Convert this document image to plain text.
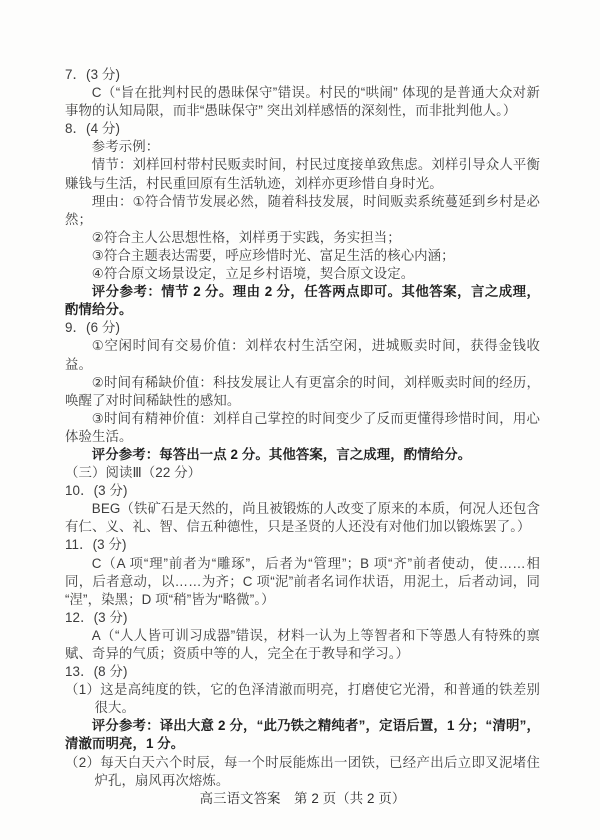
7．(3 分)

C（“旨在批判村民的愚昧保守”错误。村民的“哄闹” 体现的是普通大众对新事物的认知局限，而非“愚昧保守” 突出刘样感悟的深刻性，而非批判他人。）

8．(4 分)

参考示例：

情节：刘样回村带村民贩卖时间，村民过度接单致焦虑。刘样引导众人平衡赚钱与生活，村民重回原有生活轨迹，刘样亦更珍惜自身时光。

理由：①符合情节发展必然，随着科技发展，时间贩卖系统蔓延到乡村是必然；

②符合主人公思想性格，刘样勇于实践，务实担当；

③符合主题表达需要，呼应珍惜时光、富足生活的核心内涵；

④符合原文场景设定，立足乡村语境，契合原文设定。

评分参考：情节 2 分。理由 2 分，任答两点即可。其他答案，言之成理，酌情给分。

9．(6 分)

①空闲时间有交易价值：刘样农村生活空闲，进城贩卖时间，获得金钱收益。

②时间有稀缺价值：科技发展让人有更富余的时间，刘样贩卖时间的经历，唤醒了对时间稀缺性的感知。

③时间有精神价值：刘样自己掌控的时间变少了反而更懂得珍惜时间，用心体验生活。

评分参考：每答出一点 2 分。其他答案，言之成理，酌情给分。

（三）阅读Ⅲ（22 分）

10．(3 分)

BEG（铁矿石是天然的，尚且被锻炼的人改变了原来的本质，何况人还包含有仁、义、礼、智、信五种德性，只是圣贤的人还没有对他们加以锻炼罢了。）

11．(3 分)

C（A 项“理”前者为“雕琢”，后者为“管理”；B 项“齐”前者使动，使……相同，后者意动，以……为齐；C 项“泥”前者名词作状语，用泥土，后者动词，同“涅”，染黑；D 项“稍”皆为“略微”。）

12．(3 分)

A（“人人皆可训习成器”错误，材料一认为上等智者和下等愚人有特殊的禀赋、奇异的气质；资质中等的人，完全在于教导和学习。）

13．(8 分)

（1）这是高纯度的铁，它的色泽清澈而明亮，打磨使它光滑，和普通的铁差别很大。

评分参考：译出大意 2 分，“此乃铁之精纯者”，定语后置，1 分；“清明”，清澈而明亮，1 分。

（2）每天白天六个时辰，每一个时辰能炼出一团铁，已经产出后立即叉泥堵住炉孔，扇风再次熔炼。

高三语文答案　第 2 页（共 2 页）
